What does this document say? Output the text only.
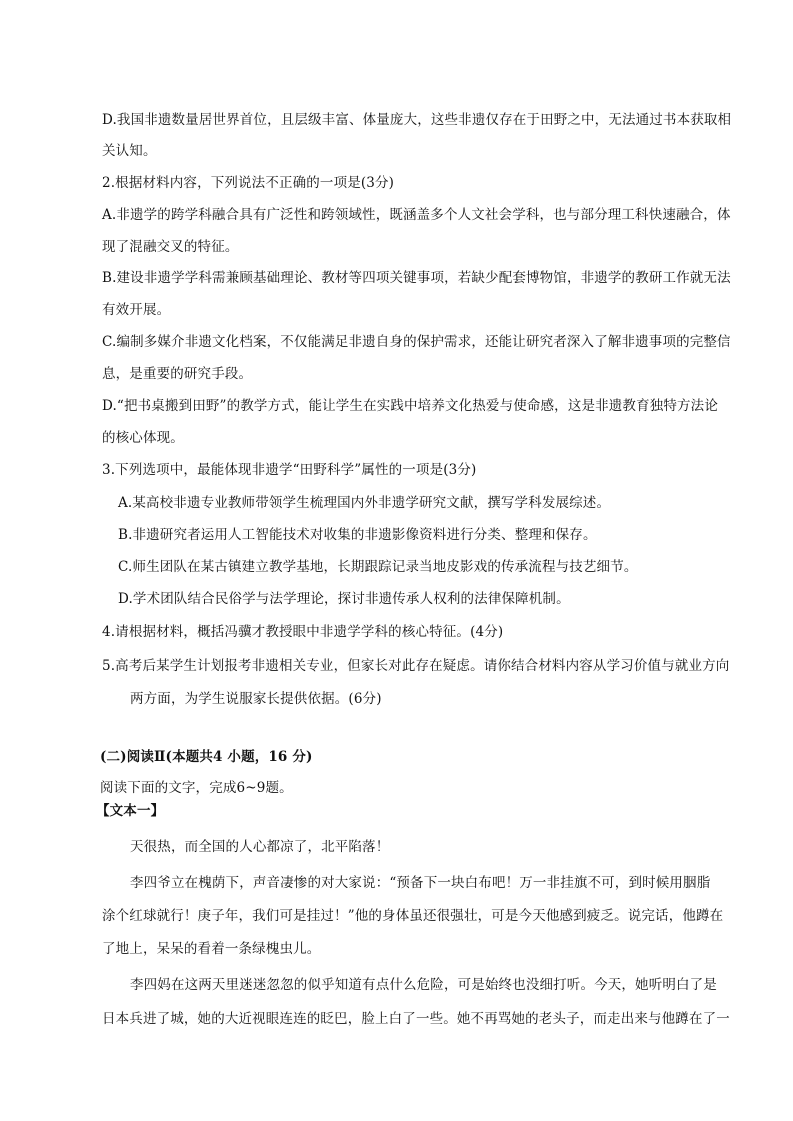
D.我国非遗数量居世界首位，且层级丰富、体量庞大，这些非遗仅存在于田野之中，无法通过书本获取相
关认知。
2.根据材料内容，下列说法不正确的一项是(3分)
A.非遗学的跨学科融合具有广泛性和跨领域性，既涵盖多个人文社会学科，也与部分理工科快速融合，体
现了混融交叉的特征。
B.建设非遗学学科需兼顾基础理论、教材等四项关键事项，若缺少配套博物馆，非遗学的教研工作就无法
有效开展。
C.编制多媒介非遗文化档案，不仅能满足非遗自身的保护需求，还能让研究者深入了解非遗事项的完整信
息，是重要的研究手段。
D.“把书桌搬到田野”的教学方式，能让学生在实践中培养文化热爱与使命感，这是非遗教育独特方法论
的核心体现。
3.下列选项中，最能体现非遗学“田野科学”属性的一项是(3分)
A.某高校非遗专业教师带领学生梳理国内外非遗学研究文献，撰写学科发展综述。
B.非遗研究者运用人工智能技术对收集的非遗影像资料进行分类、整理和保存。
C.师生团队在某古镇建立教学基地，长期跟踪记录当地皮影戏的传承流程与技艺细节。
D.学术团队结合民俗学与法学理论，探讨非遗传承人权利的法律保障机制。
4.请根据材料，概括冯骥才教授眼中非遗学学科的核心特征。(4分)
5.高考后某学生计划报考非遗相关专业，但家长对此存在疑虑。请你结合材料内容从学习价值与就业方向
两方面，为学生说服家长提供依据。(6分)
(二)阅读Ⅱ(本题共4 小题，16 分)
阅读下面的文字，完成6~9题。
【文本一】
天很热，而全国的人心都凉了，北平陷落！
李四爷立在槐荫下，声音凄惨的对大家说：“预备下一块白布吧！万一非挂旗不可，到时候用胭脂
涂个红球就行！庚子年，我们可是挂过！”他的身体虽还很强壮，可是今天他感到疲乏。说完话，他蹲在
了地上，呆呆的看着一条绿槐虫儿。
李四妈在这两天里迷迷忽忽的似乎知道有点什么危险，可是始终也没细打听。今天，她听明白了是
日本兵进了城，她的大近视眼连连的眨巴，脸上白了一些。她不再骂她的老头子，而走出来与他蹲在了一
